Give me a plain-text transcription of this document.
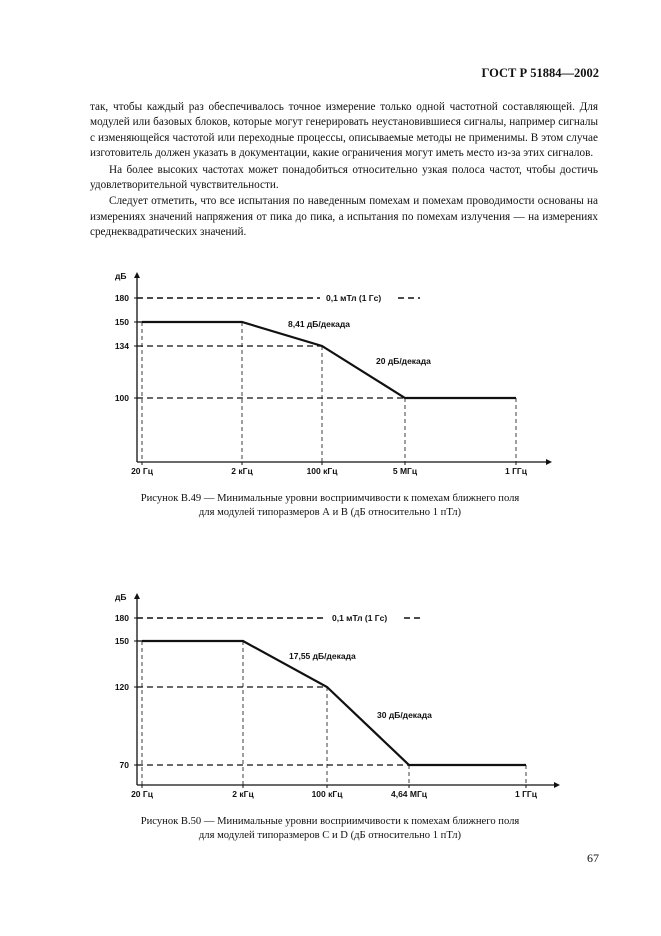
ГОСТ Р 51884—2002

так, чтобы каждый раз обеспечивалось точное измерение только одной частотной составляющей. Для модулей или базовых блоков, которые могут генерировать неустановившиеся сигналы, например сигналы с изменяющейся частотой или переходные процессы, описываемые методы не применимы. В этом случае изготовитель должен указать в документации, какие ограничения могут иметь место из-за этих сигналов.

На более высоких частотах может понадобиться относительно узкая полоса частот, чтобы достичь удовлетворительной чувствительности.

Следует отметить, что все испытания по наведенным помехам и помехам проводимости основаны на измерениях значений напряжения от пика до пика, а испытания по помехам излучения — на измерениях среднеквадратических значений.

дБ
180
150
134
100
0,1 мТл (1 Гс)
20 Гц	2 кГц	100 кГц	5 МГц	1 ГГц
8,41 дБ/декада
20 дБ/декада
Рисунок В.49 — Минимальные уровни восприимчивости к помехам ближнего поля
для модулей типоразмеров А и В (дБ относительно 1 пТл)
дБ
180
150
120
70
0,1 мТл (1 Гс)
20 Гц	2 кГц	100 кГц	4,64 МГц	1 ГГц
17,55 дБ/декада
30 дБ/декада
Рисунок В.50 — Минимальные уровни восприимчивости к помехам ближнего поля
для модулей типоразмеров С и D (дБ относительно 1 пТл)
67
